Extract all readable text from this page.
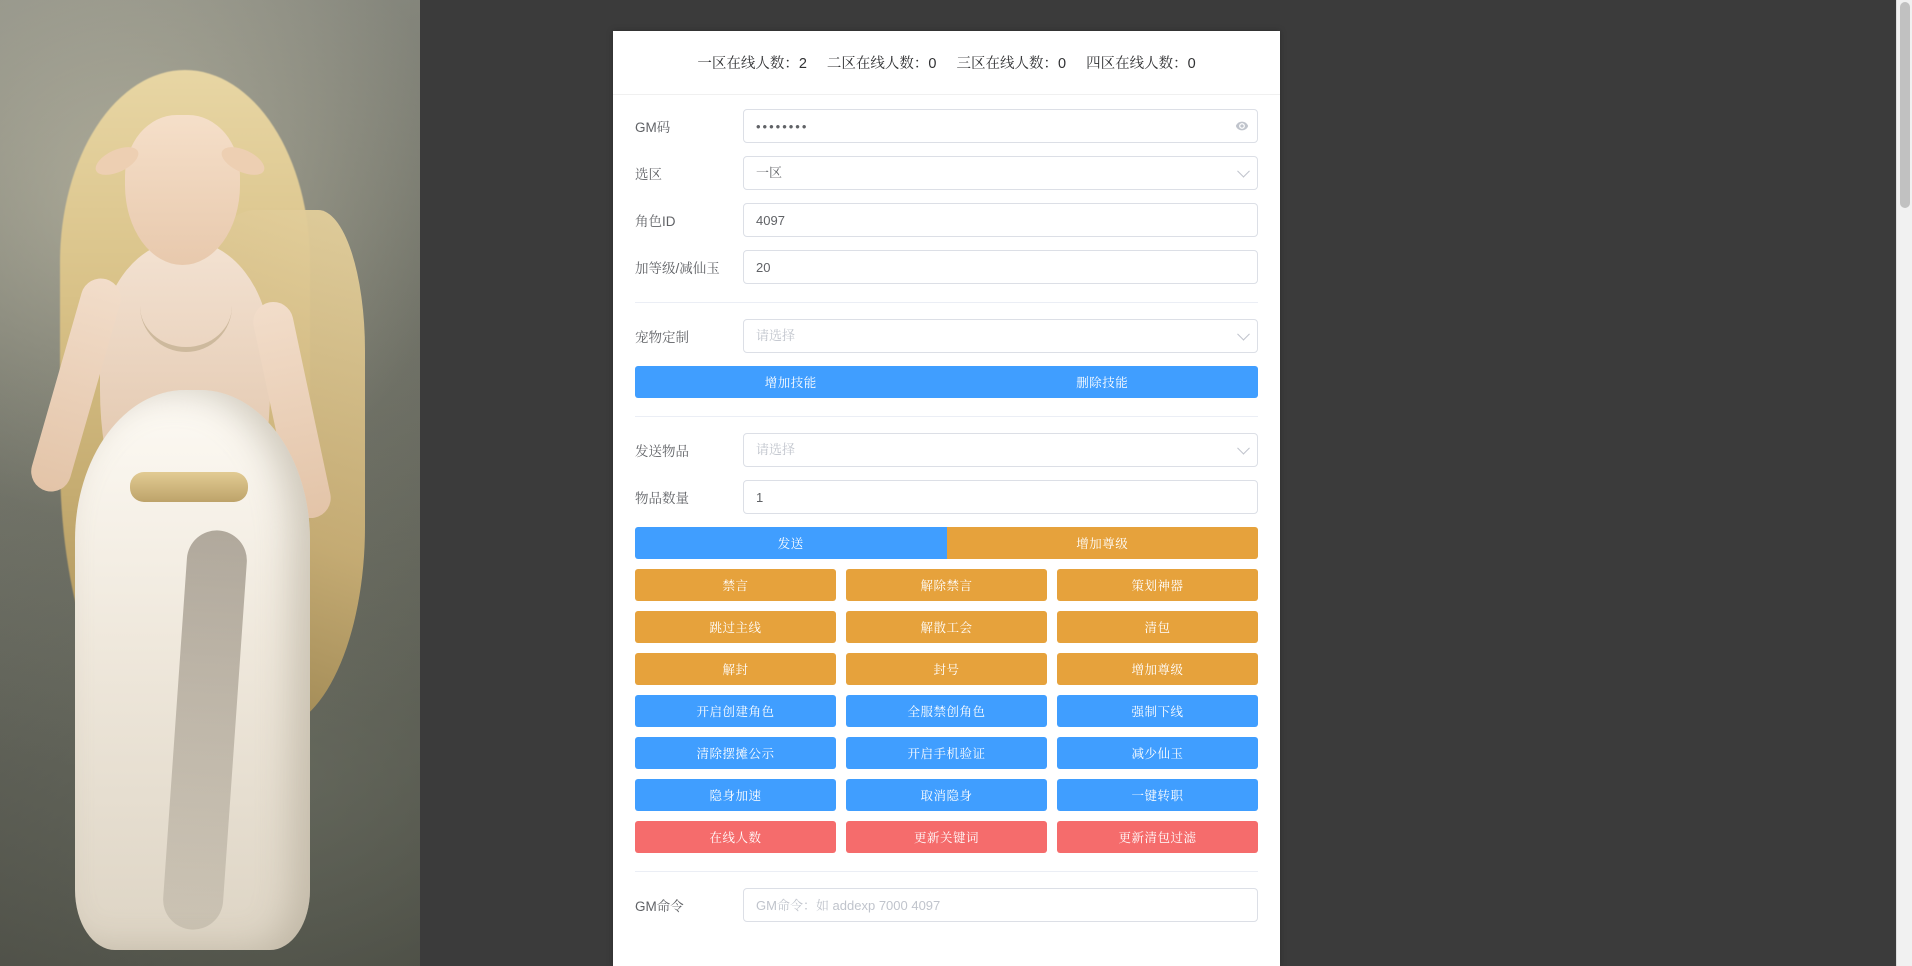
一区在线人数：2 二区在线人数：0 三区在线人数：0 四区在线人数：0
GM码
••••••••
选区	一区
角色ID
4097
加等级/减仙玉
20
宠物定制	请选择
增加技能	删除技能
发送物品	请选择
物品数量
1
发送	增加尊级
禁言	解除禁言	策划神器
跳过主线	解散工会	清包
解封	封号	增加尊级
开启创建角色	全服禁创角色	强制下线
清除摆摊公示	开启手机验证	减少仙玉
隐身加速	取消隐身	一键转职
在线人数	更新关键词	更新清包过滤
GM命令
GM命令：如 addexp 7000 4097
